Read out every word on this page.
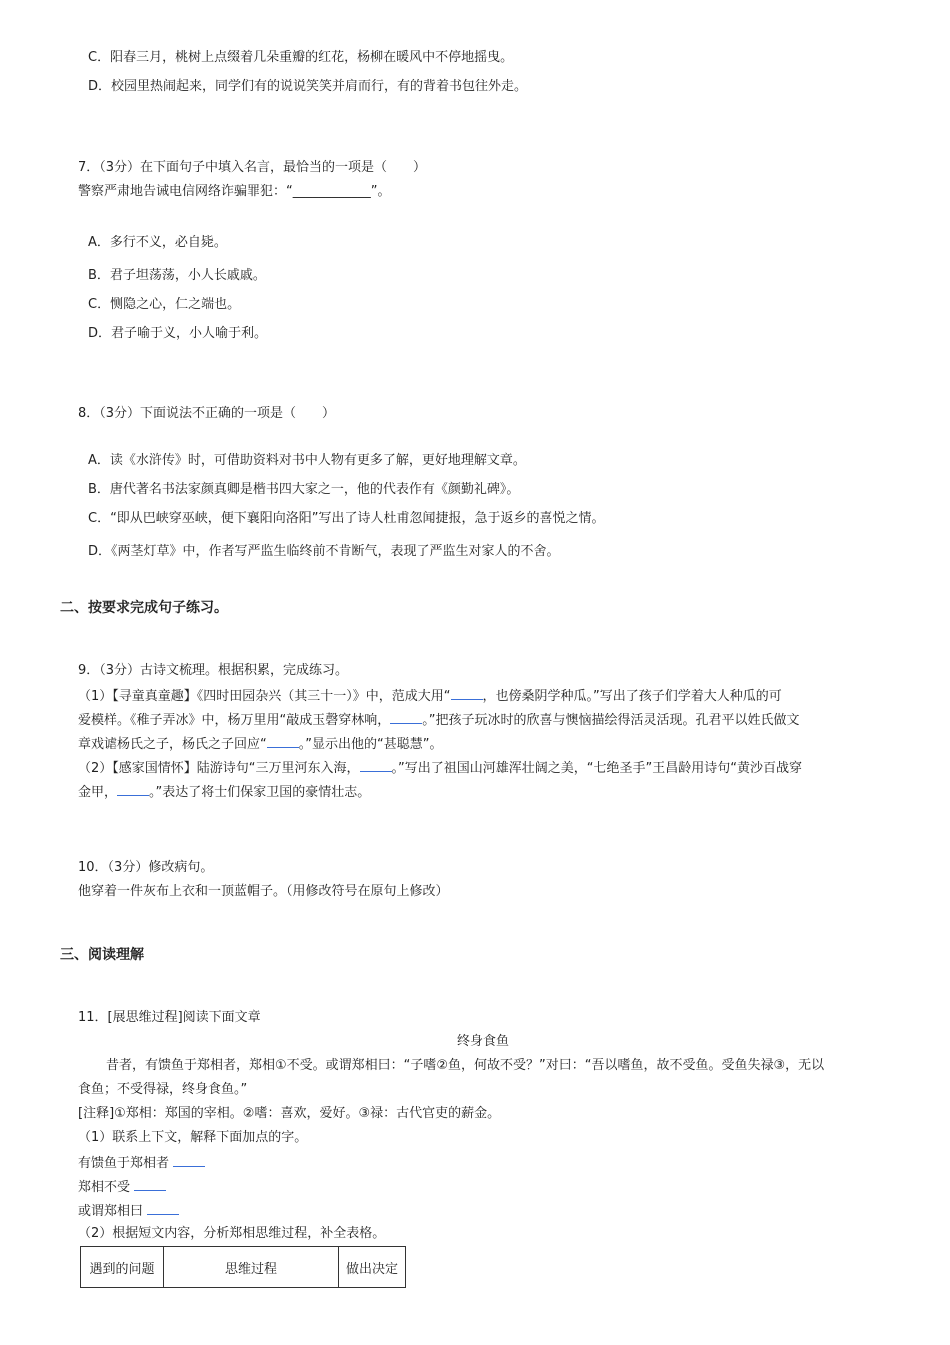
C．阳春三月，桃树上点缀着几朵重瓣的红花，杨柳在暖风中不停地摇曳。
D．校园里热闹起来，同学们有的说说笑笑并肩而行，有的背着书包往外走。
7．（3分）在下面句子中填入名言，最恰当的一项是（　　）
警察严肃地告诫电信网络诈骗罪犯：“____________”。
A．多行不义，必自毙。
B．君子坦荡荡，小人长戚戚。
C．恻隐之心，仁之端也。
D．君子喻于义，小人喻于利。
8．（3分）下面说法不正确的一项是（　　）
A．读《水浒传》时，可借助资料对书中人物有更多了解，更好地理解文章。
B．唐代著名书法家颜真卿是楷书四大家之一，他的代表作有《颜勤礼碑》。
C．“即从巴峡穿巫峡，便下襄阳向洛阳”写出了诗人杜甫忽闻捷报，急于返乡的喜悦之情。
D．《两茎灯草》中，作者写严监生临终前不肯断气，表现了严监生对家人的不舍。
二、按要求完成句子练习。
9．（3分）古诗文梳理。根据积累，完成练习。
（1）【寻童真童趣】《四时田园杂兴（其三十一）》中，范成大用“ ，也傍桑阴学种瓜。”写出了孩子们学着大人种瓜的可
爱模样。《稚子弄冰》中，杨万里用“敲成玉磬穿林响， 。”把孩子玩冰时的欣喜与懊恼描绘得活灵活现。孔君平以姓氏做文
章戏谑杨氏之子，杨氏之子回应“ 。”显示出他的“甚聪慧”。
（2）【感家国情怀】陆游诗句“三万里河东入海， 。”写出了祖国山河雄浑壮阔之美，“七绝圣手”王昌龄用诗句“黄沙百战穿
金甲， 。”表达了将士们保家卫国的豪情壮志。
10．（3分）修改病句。
他穿着一件灰布上衣和一顶蓝帽子。（用修改符号在原句上修改）
三、阅读理解
11．[展思维过程]阅读下面文章
终身食鱼
昔者，有馈鱼于郑相者，郑相①不受。或谓郑相曰：“子嗜②鱼，何故不受？”对曰：“吾以嗜鱼，故不受鱼。受鱼失禄③，无以
食鱼；不受得禄，终身食鱼。”
[注释]①郑相：郑国的宰相。②嗜：喜欢，爱好。③禄：古代官吏的薪金。
（1）联系上下文，解释下面加点的字。
有馈鱼于郑相者
郑相不受
或谓郑相曰
（2）根据短文内容，分析郑相思维过程，补全表格。
遇到的问题	思维过程	做出决定
